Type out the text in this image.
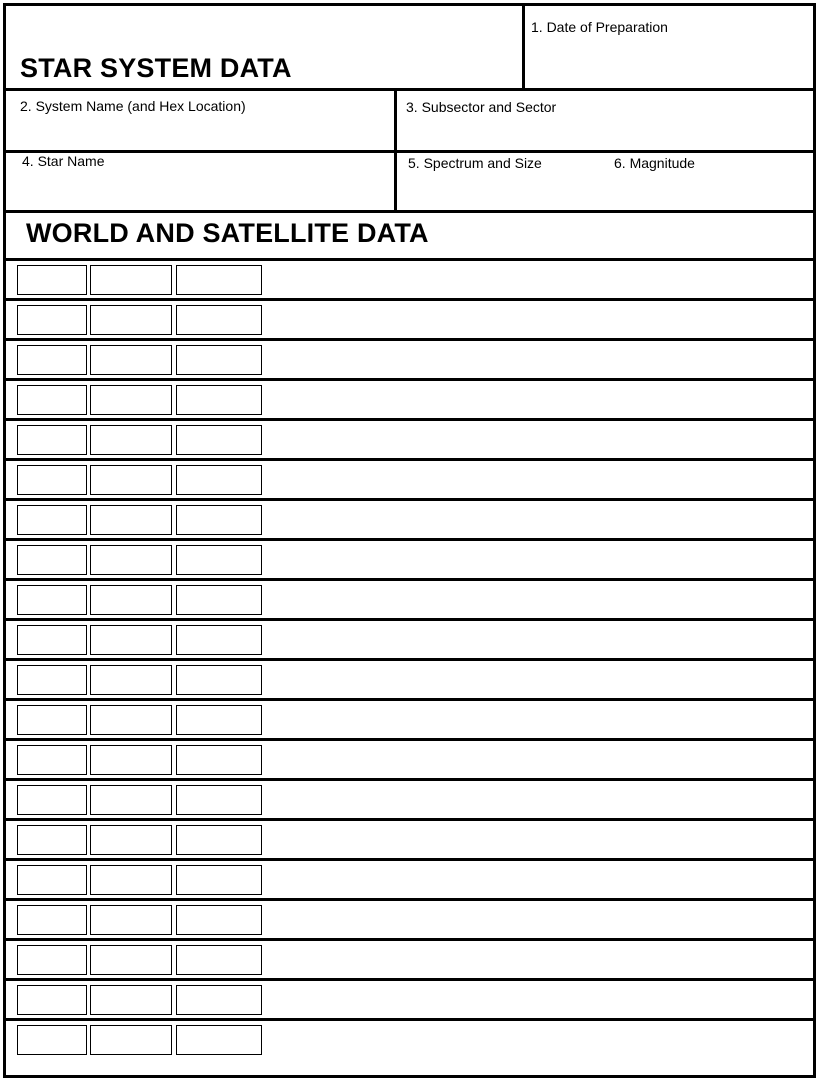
STAR SYSTEM DATA
1. Date of Preparation
2. System Name (and Hex Location)	3. Subsector and Sector
4. Star Name	5. Spectrum and Size	6. Magnitude
WORLD AND SATELLITE DATA
